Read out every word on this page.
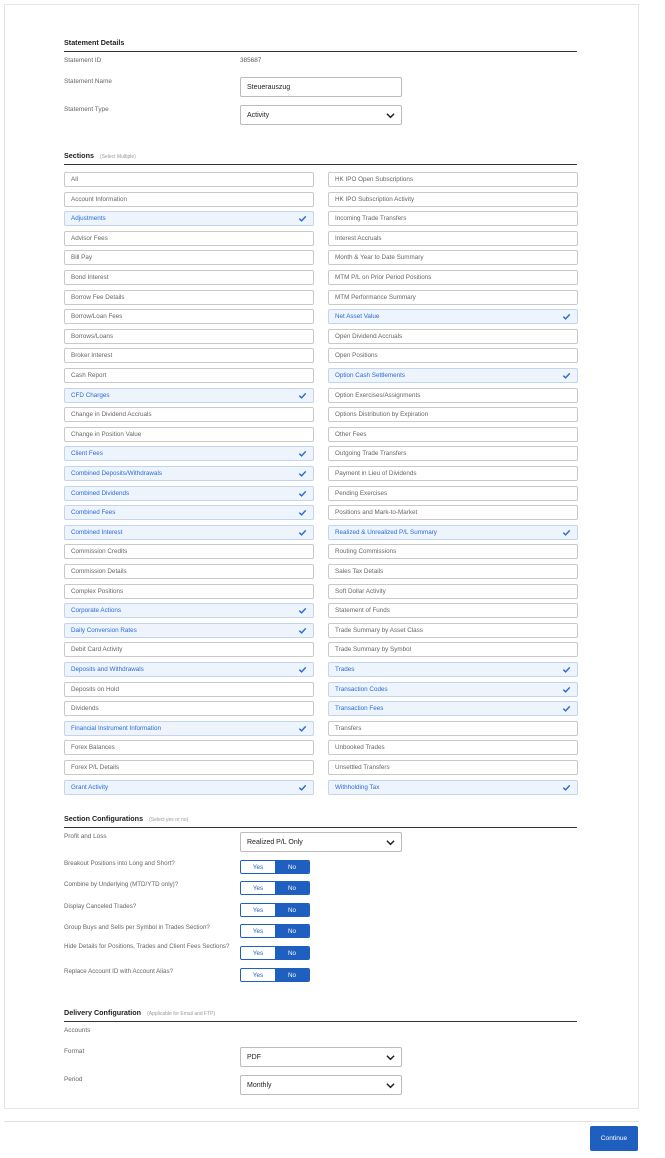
Statement Details
Statement ID	385687
Statement Name
Steuerauszug
Statement Type
Activity
Sections (Select Multiple)
All
Account Information
Adjustments
Advisor Fees
Bill Pay
Bond Interest
Borrow Fee Details
Borrow/Loan Fees
Borrows/Loans
Broker Interest
Cash Report
CFD Charges
Change in Dividend Accruals
Change in Position Value
Client Fees
Combined Deposits/Withdrawals
Combined Dividends
Combined Fees
Combined Interest
Commission Credits
Commission Details
Complex Positions
Corporate Actions
Daily Conversion Rates
Debit Card Activity
Deposits and Withdrawals
Deposits on Hold
Dividends
Financial Instrument Information
Forex Balances
Forex P/L Details
Grant Activity
HK IPO Open Subscriptions
HK IPO Subscription Activity
Incoming Trade Transfers
Interest Accruals
Month & Year to Date Summary
MTM P/L on Prior Period Positions
MTM Performance Summary
Net Asset Value
Open Dividend Accruals
Open Positions
Option Cash Settlements
Option Exercises/Assignments
Options Distribution by Expiration
Other Fees
Outgoing Trade Transfers
Payment in Lieu of Dividends
Pending Exercises
Positions and Mark-to-Market
Realized & Unrealized P/L Summary
Routing Commissions
Sales Tax Details
Soft Dollar Activity
Statement of Funds
Trade Summary by Asset Class
Trade Summary by Symbol
Trades
Transaction Codes
Transaction Fees
Transfers
Unbooked Trades
Unsettled Transfers
Withholding Tax
Section Configurations (Select yes or no)
Profit and Loss
Realized P/L Only
Breakout Positions into Long and Short?	Yes	No
Combine by Underlying (MTD/YTD only)?	Yes	No
Display Canceled Trades?	Yes	No
Group Buys and Sells per Symbol in Trades Section?	Yes	No
Hide Details for Positions, Trades and Client Fees Sections?
Yes	No
Replace Account ID with Account Alias?	Yes	No
Delivery Configuration (Applicable for Email and FTP)
Accounts
Format
PDF
Period
Monthly
Continue
